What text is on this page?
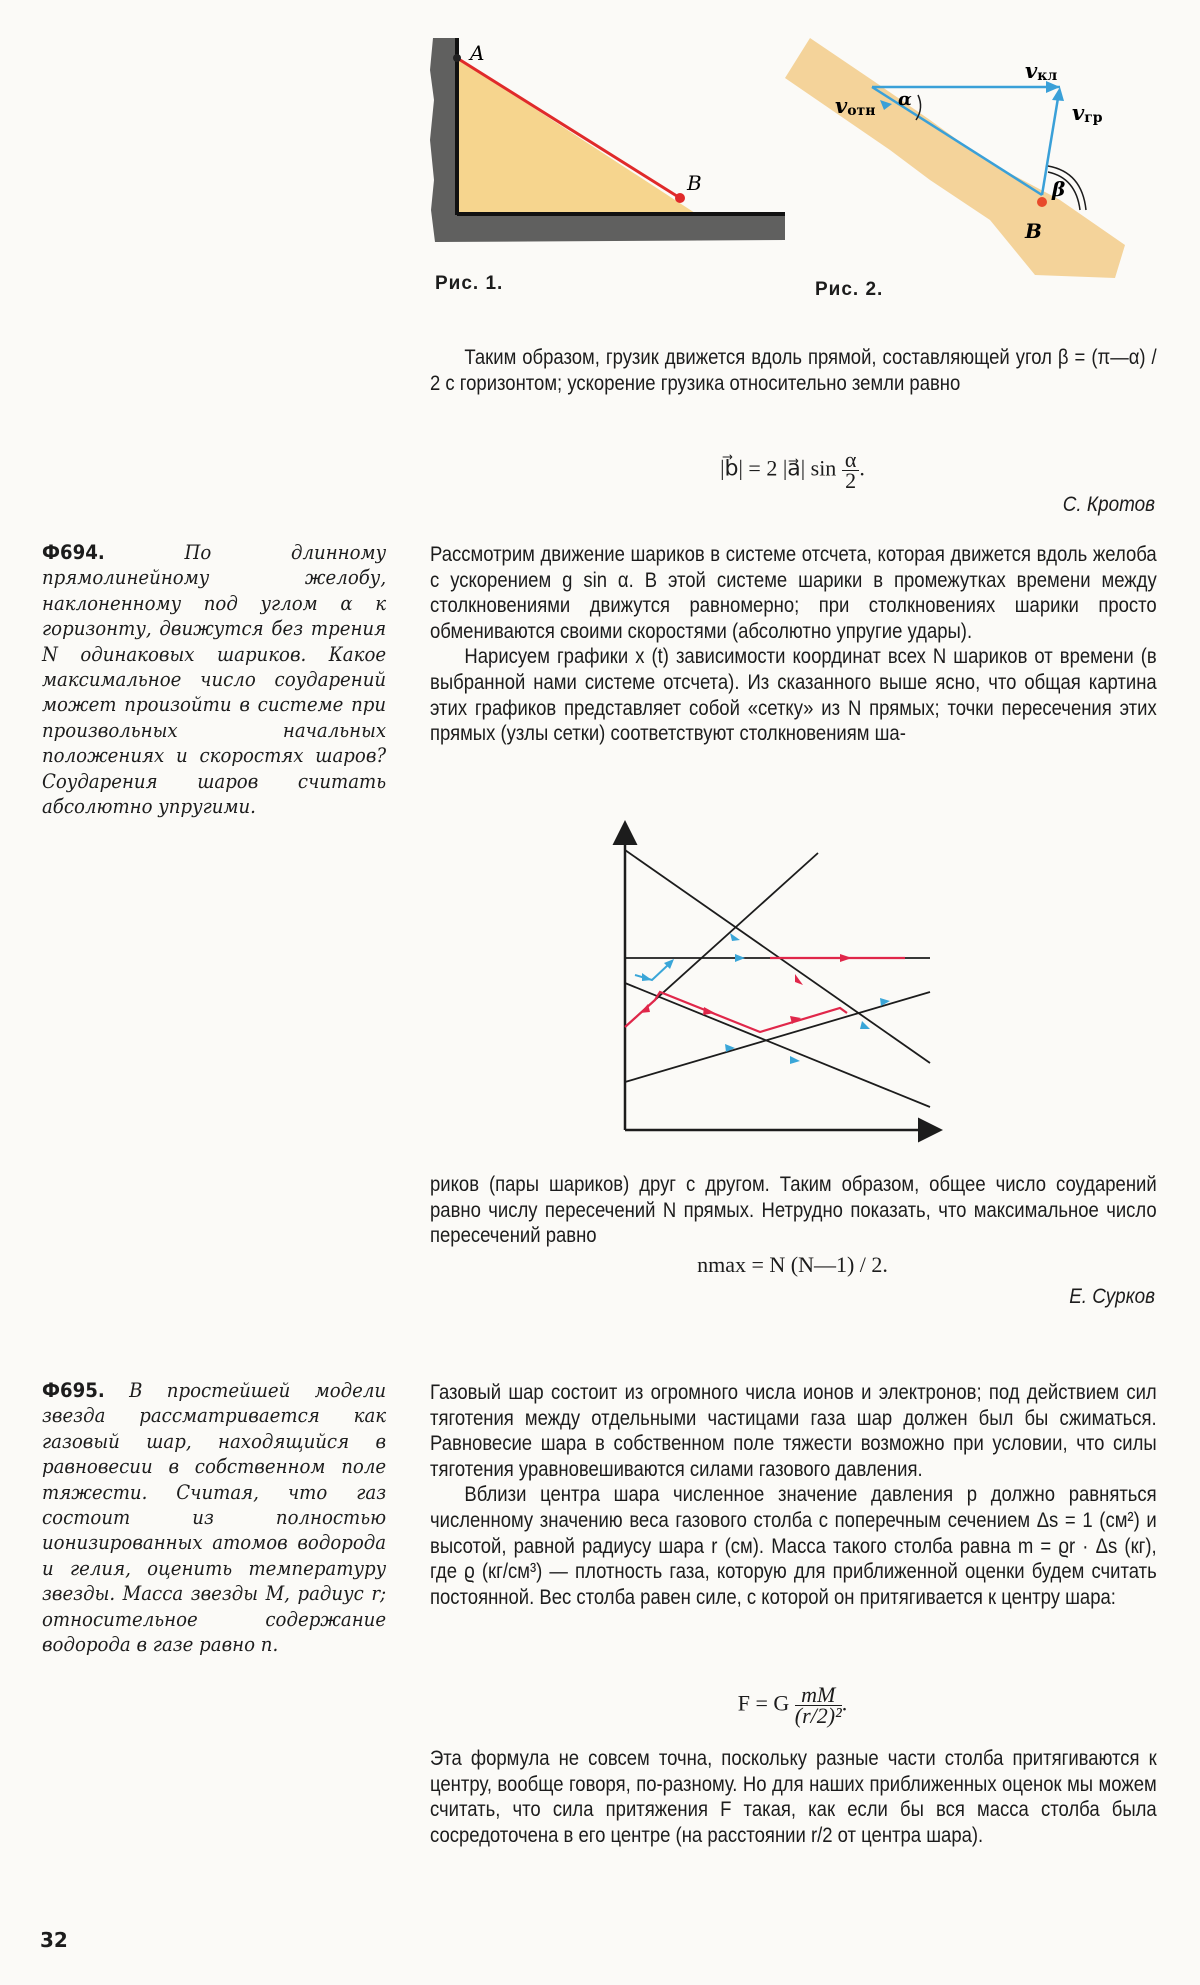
A
B
Рис. 1.
vотн
α
vкл
vгр
β
B
Рис. 2.

Таким образом, грузик движется вдоль прямой, составляющей угол β = (π—α) / 2 с горизонтом; ускорение грузика относительно земли равно

|b⃗| = 2 |a⃗| $\sin \frac{\alpha}{2}$ .
С. Кротов
Ф694.	По длинному прямолинейному желобу, наклоненному под углом α к горизонту, движутся без трения N одинаковых шариков. Какое максимальное число соударений может произойти в системе при произвольных начальных положениях и скоростях шаров? Соударения шаров считать абсолютно упругими.

Рассмотрим движение шариков в системе отсчета, которая движется вдоль желоба с ускорением g sin α. В этой системе шарики в промежутках времени между столкновениями движутся равномерно; при столкновениях шарики просто обмениваются своими скоростями (абсолютно упругие удары).

Нарисуем графики x (t) зависимости координат всех N шариков от времени (в выбранной нами системе отсчета). Из сказанного выше ясно, что общая картина этих графиков представляет собой «сетку» из N прямых; точки пересечения этих прямых (узлы сетки) соответствуют столкновениям ша-

риков (пары шариков) друг с другом. Таким образом, общее число соударений равно числу пересечений N прямых. Нетрудно показать, что максимальное число пересечений равно

nmax = N (N—1) / 2.
Е. Сурков
Ф695. В простейшей модели звезда рассматривается как газовый шар, находящийся в равновесии в собственном поле тяжести. Считая, что газ состоит из полностью ионизированных атомов водорода и гелия, оценить температуру звезды. Масса звезды M, радиус r; относительное содержание водорода в газе равно n.

Газовый шар состоит из огромного числа ионов и электронов; под действием сил тяготения между отдельными частицами газа шар должен был бы сжиматься. Равновесие шара в собственном поле тяжести возможно при условии, что силы тяготения уравновешиваются силами газового давления.

Вблизи центра шара численное значение давления p должно равняться численному значению веса газового столба с поперечным сечением Δs = 1 (см²) и высотой, равной радиусу шара r (см). Масса такого столба равна m = ϱr · Δs (кг), где ϱ (кг/см³) — плотность газа, которую для приближенной оценки будем считать постоянной. Вес столба равен силе, с которой он притягивается к центру шара:

F = G $\frac{mM}{\text{(r/2)²}}$ .

Эта формула не совсем точна, поскольку разные части столба притягиваются к центру, вообще говоря, по-разному. Но для наших приближенных оценок мы можем считать, что сила притяжения F такая, как если бы вся масса столба была сосредоточена в его центре (на расстоянии r/2 от центра шара).

32
